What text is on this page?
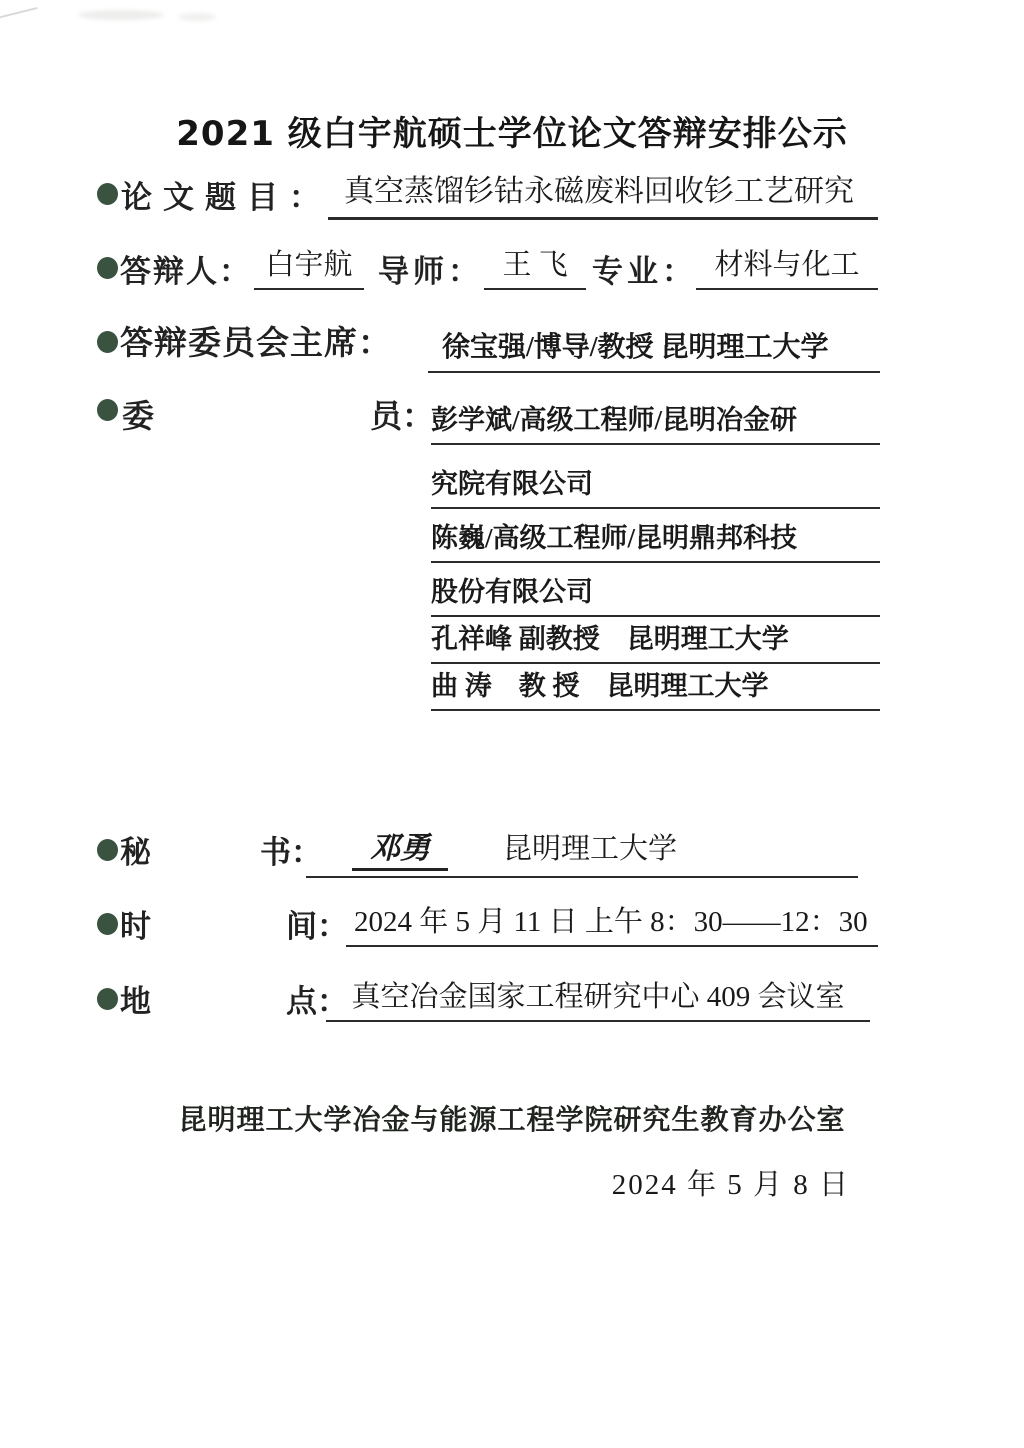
2021 级白宇航硕士学位论文答辩安排公示
论文题目： 真空蒸馏钐钴永磁废料回收钐工艺研究
答辩人： 白宇航 导师： 王 飞 专业： 材料与化工
答辩委员会主席：	徐宝强/博导/教授 昆明理工大学
委	员：
彭学斌/高级工程师/昆明冶金研
究院有限公司
陈巍/高级工程师/昆明鼎邦科技
股份有限公司
孔祥峰 副教授　昆明理工大学
曲 涛　教 授　昆明理工大学
秘	书：	邓勇	昆明理工大学
时	间： 2024 年 5 月 11 日 上午 8：30——12：30
地	点： 真空冶金国家工程研究中心 409 会议室
昆明理工大学冶金与能源工程学院研究生教育办公室
2024 年 5 月 8 日
